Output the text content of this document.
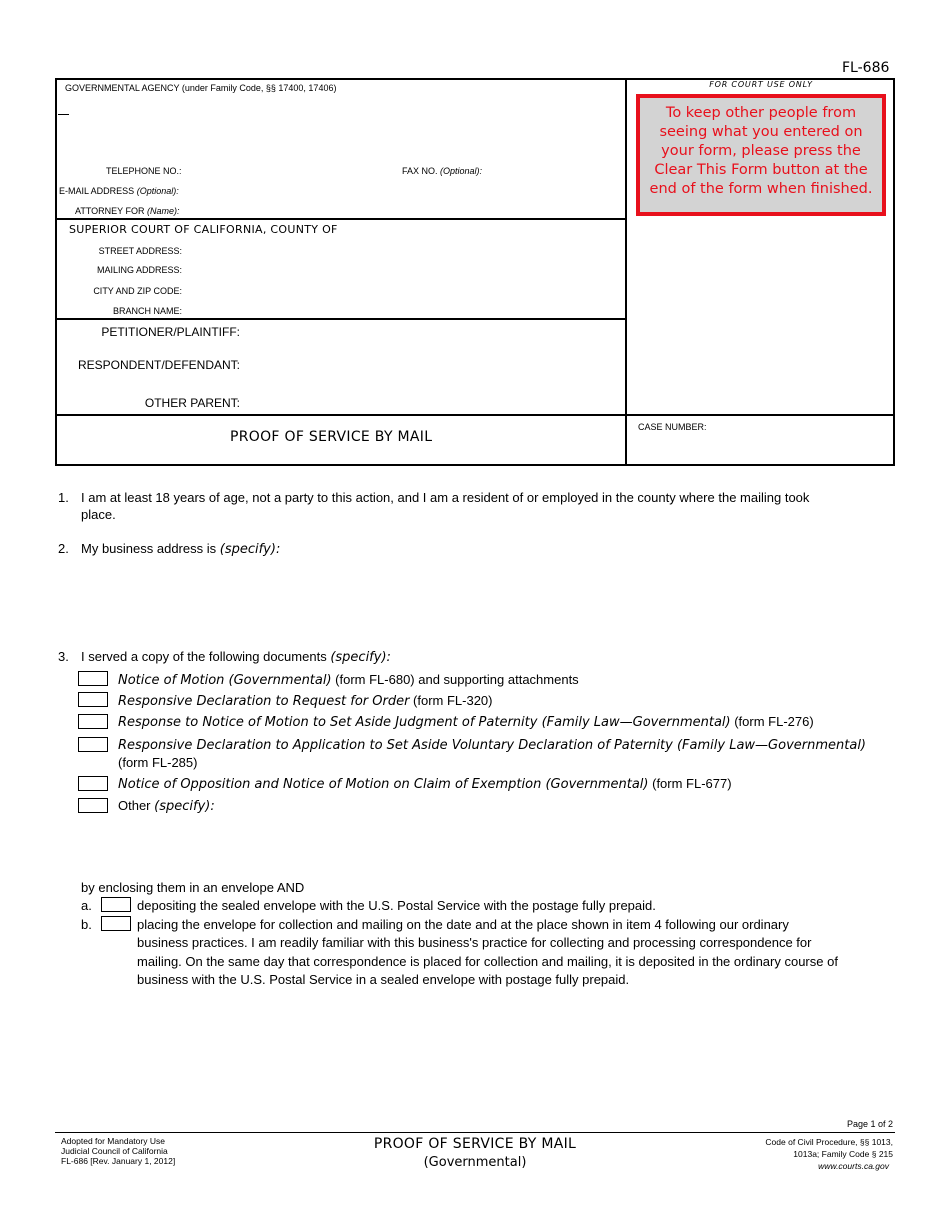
FL-686
GOVERNMENTAL AGENCY (under Family Code, §§ 17400, 17406)
TELEPHONE NO.:	FAX NO. (Optional):
E-MAIL ADDRESS (Optional):
ATTORNEY FOR (Name):
SUPERIOR COURT OF CALIFORNIA, COUNTY OF
STREET ADDRESS:
MAILING ADDRESS:
CITY AND ZIP CODE:
BRANCH NAME:
PETITIONER/PLAINTIFF:
RESPONDENT/DEFENDANT:
OTHER PARENT:
PROOF OF SERVICE BY MAIL
CASE NUMBER:
FOR COURT USE ONLY
To keep other people from seeing what you entered on your form, please press the Clear This Form button at the end of the form when finished.
1. I am at least 18 years of age, not a party to this action, and I am a resident of or employed in the county where the mailing took
place.
2. My business address is (specify):
3. I served a copy of the following documents (specify):
Notice of Motion (Governmental) (form FL-680) and supporting attachments
Responsive Declaration to Request for Order (form FL-320)
Response to Notice of Motion to Set Aside Judgment of Paternity (Family Law—Governmental) (form FL-276)
Responsive Declaration to Application to Set Aside Voluntary Declaration of Paternity (Family Law—Governmental)
(form FL-285)
Notice of Opposition and Notice of Motion on Claim of Exemption (Governmental) (form FL-677)
Other (specify):
by enclosing them in an envelope AND
a.	depositing the sealed envelope with the U.S. Postal Service with the postage fully prepaid.
b.	placing the envelope for collection and mailing on the date and at the place shown in item 4 following our ordinary
business practices. I am readily familiar with this business's practice for collecting and processing correspondence for
mailing. On the same day that correspondence is placed for collection and mailing, it is deposited in the ordinary course of
business with the U.S. Postal Service in a sealed envelope with postage fully prepaid.
Page 1 of 2
Adopted for Mandatory Use
Judicial Council of California
FL-686 [Rev. January 1, 2012]
PROOF OF SERVICE BY MAIL
(Governmental)
Code of Civil Procedure, §§ 1013,
1013a; Family Code § 215
www.courts.ca.gov
